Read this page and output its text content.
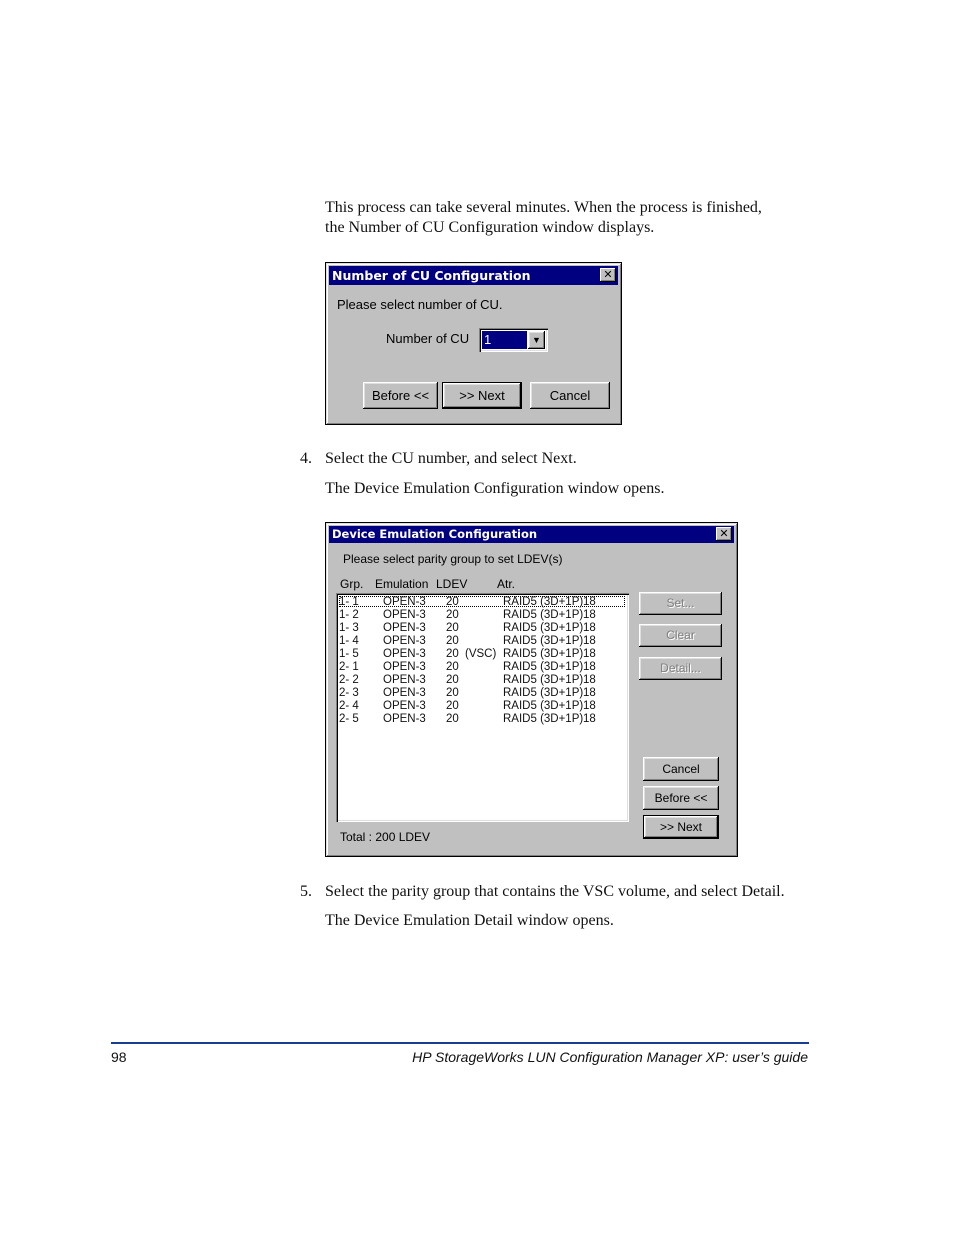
This process can take several minutes. When the process is finished,

the Number of CU Configuration window displays.

Number of CU Configuration	✕
Please select number of CU.
Number of CU 1	▼
Before <<	>> Next	Cancel
4. Select the CU number, and select Next.

The Device Emulation Configuration window opens.

Device Emulation Configuration	✕
Please select parity group to set LDEV(s)
Grp. Emulation LDEV Atr.
1- 1 OPEN-3 20	RAID5 (3D+1P) 18
1- 2 OPEN-3 20	RAID5 (3D+1P) 18
1- 3 OPEN-3 20	RAID5 (3D+1P) 18
1- 4 OPEN-3 20	RAID5 (3D+1P) 18
1- 5 OPEN-3 20 (VSC) RAID5 (3D+1P) 18
2- 1 OPEN-3 20	RAID5 (3D+1P) 18
2- 2 OPEN-3 20	RAID5 (3D+1P) 18
2- 3 OPEN-3 20	RAID5 (3D+1P) 18
2- 4 OPEN-3 20	RAID5 (3D+1P) 18
2- 5 OPEN-3 20	RAID5 (3D+1P) 18
Set...
Clear
Detail...
Cancel
Before <<
>> Next
Total : 200 LDEV
5. Select the parity group that contains the VSC volume, and select Detail.

The Device Emulation Detail window opens.

98	HP StorageWorks LUN Configuration Manager XP: user’s guide
